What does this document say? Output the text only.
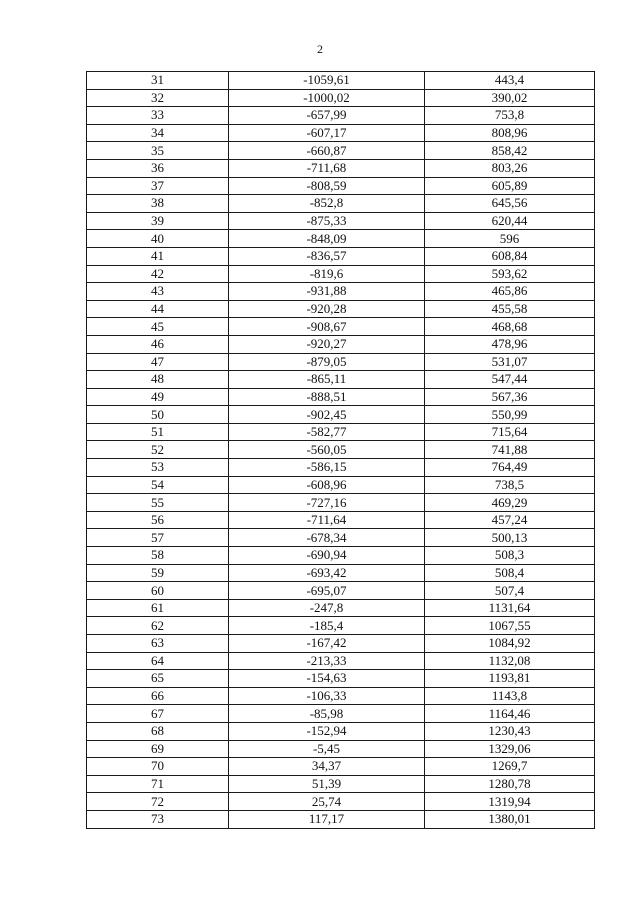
2
31	-1059,61	443,4
32	-1000,02	390,02
33	-657,99	753,8
34	-607,17	808,96
35	-660,87	858,42
36	-711,68	803,26
37	-808,59	605,89
38	-852,8	645,56
39	-875,33	620,44
40	-848,09	596
41	-836,57	608,84
42	-819,6	593,62
43	-931,88	465,86
44	-920,28	455,58
45	-908,67	468,68
46	-920,27	478,96
47	-879,05	531,07
48	-865,11	547,44
49	-888,51	567,36
50	-902,45	550,99
51	-582,77	715,64
52	-560,05	741,88
53	-586,15	764,49
54	-608,96	738,5
55	-727,16	469,29
56	-711,64	457,24
57	-678,34	500,13
58	-690,94	508,3
59	-693,42	508,4
60	-695,07	507,4
61	-247,8	1131,64
62	-185,4	1067,55
63	-167,42	1084,92
64	-213,33	1132,08
65	-154,63	1193,81
66	-106,33	1143,8
67	-85,98	1164,46
68	-152,94	1230,43
69	-5,45	1329,06
70	34,37	1269,7
71	51,39	1280,78
72	25,74	1319,94
73	117,17	1380,01
